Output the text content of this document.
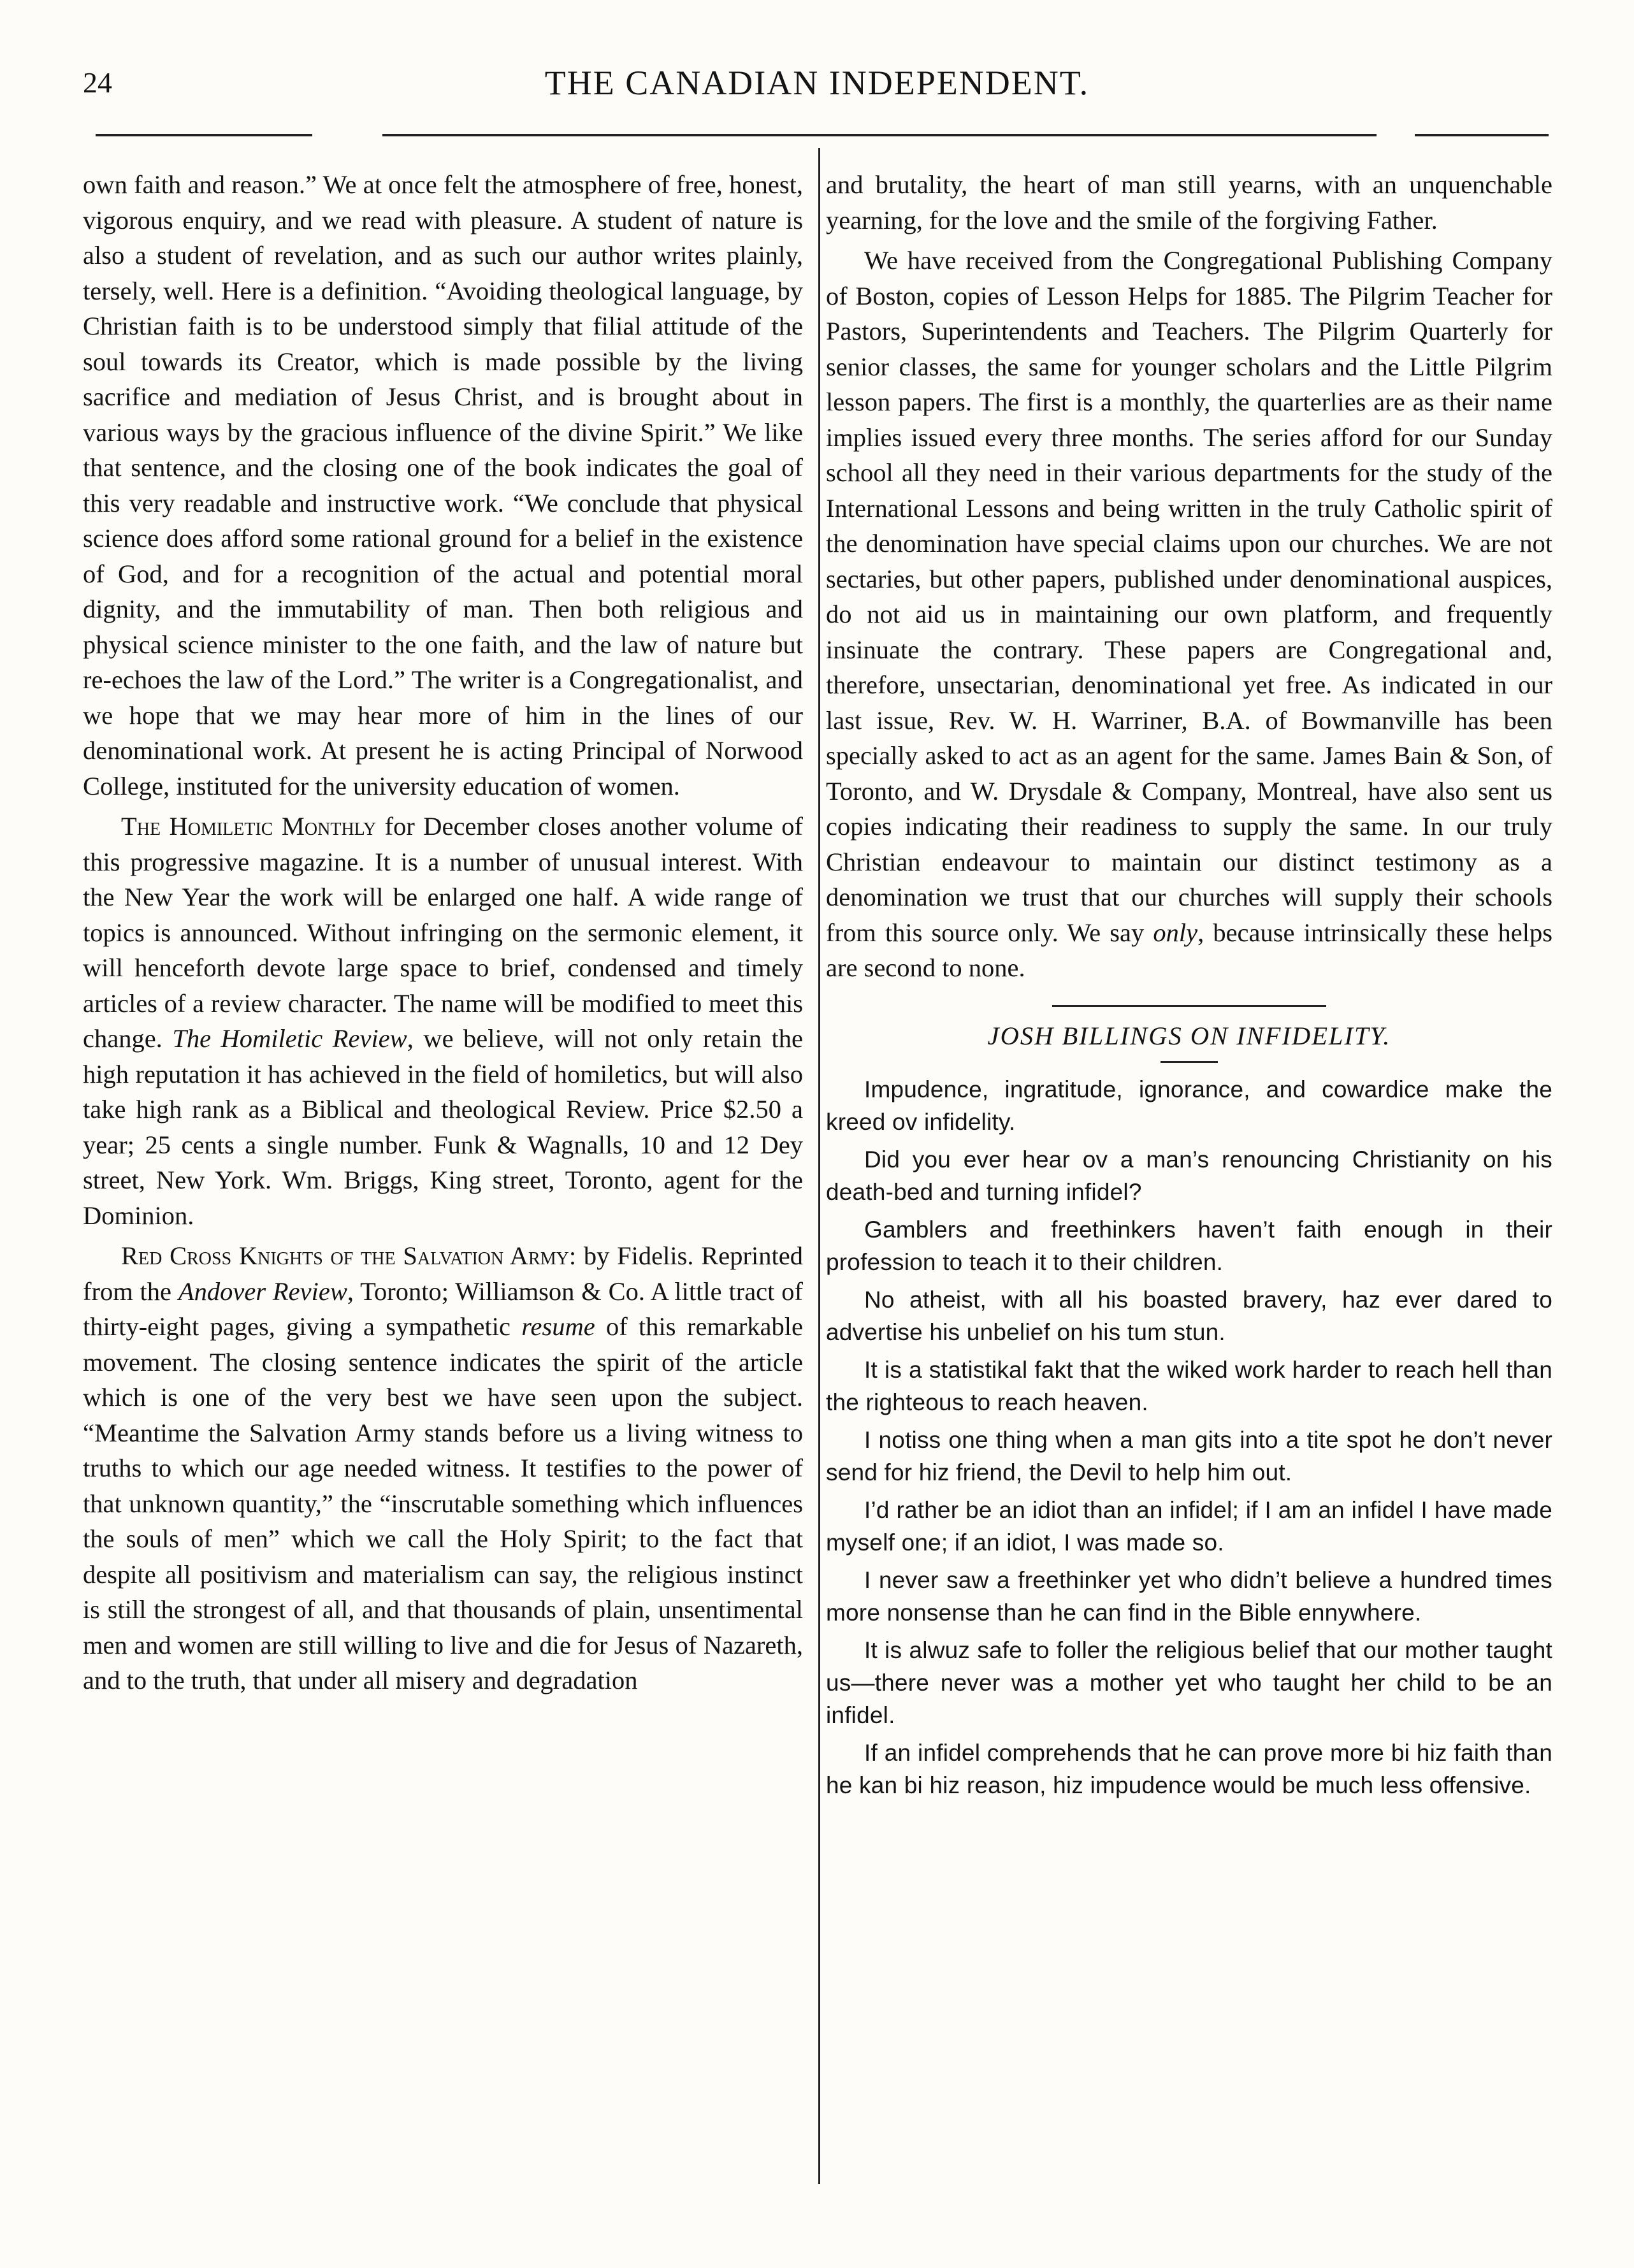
24	THE CANADIAN INDEPENDENT.

own faith and reason.” We at once felt the atmosphere of free, honest, vigorous enquiry, and we read with pleasure. A student of nature is also a student of revelation, and as such our author writes plainly, tersely, well. Here is a definition. “Avoiding theological language, by Christian faith is to be understood simply that filial attitude of the soul towards its Creator, which is made possible by the living sacrifice and mediation of Jesus Christ, and is brought about in various ways by the gracious influence of the divine Spirit.” We like that sentence, and the closing one of the book indicates the goal of this very readable and instructive work. “We conclude that physical science does afford some rational ground for a belief in the existence of God, and for a recognition of the actual and potential moral dignity, and the immutability of man. Then both religious and physical science minister to the one faith, and the law of nature but re-echoes the law of the Lord.” The writer is a Congregationalist, and we hope that we may hear more of him in the lines of our denominational work. At present he is acting Principal of Norwood College, instituted for the university education of women.

The Homiletic Monthly for December closes another volume of this progressive magazine. It is a number of unusual interest. With the New Year the work will be enlarged one half. A wide range of topics is announced. Without infringing on the sermonic element, it will henceforth devote large space to brief, condensed and timely articles of a review character. The name will be modified to meet this change. The Homiletic Review, we believe, will not only retain the high reputation it has achieved in the field of homiletics, but will also take high rank as a Biblical and theological Review. Price $2.50 a year; 25 cents a single number. Funk & Wagnalls, 10 and 12 Dey street, New York. Wm. Briggs, King street, Toronto, agent for the Dominion.

Red Cross Knights of the Salvation Army: by Fidelis. Reprinted from the Andover Review, Toronto; Williamson & Co. A little tract of thirty-eight pages, giving a sympathetic resume of this remarkable movement. The closing sentence indicates the spirit of the article which is one of the very best we have seen upon the subject. “Meantime the Salvation Army stands before us a living witness to truths to which our age needed witness. It testifies to the power of that unknown quantity,” the “inscrutable something which influences the souls of men” which we call the Holy Spirit; to the fact that despite all positivism and materialism can say, the religious instinct is still the strongest of all, and that thousands of plain, unsentimental men and women are still willing to live and die for Jesus of Nazareth, and to the truth, that under all misery and degradation

and brutality, the heart of man still yearns, with an unquenchable yearning, for the love and the smile of the forgiving Father.

We have received from the Congregational Publishing Company of Boston, copies of Lesson Helps for 1885. The Pilgrim Teacher for Pastors, Superintendents and Teachers. The Pilgrim Quarterly for senior classes, the same for younger scholars and the Little Pilgrim lesson papers. The first is a monthly, the quarterlies are as their name implies issued every three months. The series afford for our Sunday school all they need in their various departments for the study of the International Lessons and being written in the truly Catholic spirit of the denomination have special claims upon our churches. We are not sectaries, but other papers, published under denominational auspices, do not aid us in maintaining our own platform, and frequently insinuate the contrary. These papers are Congregational and, therefore, unsectarian, denominational yet free. As indicated in our last issue, Rev. W. H. Warriner, B.A. of Bowmanville has been specially asked to act as an agent for the same. James Bain & Son, of Toronto, and W. Drysdale & Company, Montreal, have also sent us copies indicating their readiness to supply the same. In our truly Christian endeavour to maintain our distinct testimony as a denomination we trust that our churches will supply their schools from this source only. We say only, because intrinsically these helps are second to none.

JOSH BILLINGS ON INFIDELITY.

Impudence, ingratitude, ignorance, and cowardice make the kreed ov infidelity.

Did you ever hear ov a man’s renouncing Christianity on his death-bed and turning infidel?

Gamblers and freethinkers haven’t faith enough in their profession to teach it to their children.

No atheist, with all his boasted bravery, haz ever dared to advertise his unbelief on his tum stun.

It is a statistikal fakt that the wiked work harder to reach hell than the righteous to reach heaven.

I notiss one thing when a man gits into a tite spot he don’t never send for hiz friend, the Devil to help him out.

I’d rather be an idiot than an infidel; if I am an infidel I have made myself one; if an idiot, I was made so.

I never saw a freethinker yet who didn’t believe a hundred times more nonsense than he can find in the Bible ennywhere.

It is alwuz safe to foller the religious belief that our mother taught us—there never was a mother yet who taught her child to be an infidel.

If an infidel comprehends that he can prove more bi hiz faith than he kan bi hiz reason, hiz impudence would be much less offensive.
